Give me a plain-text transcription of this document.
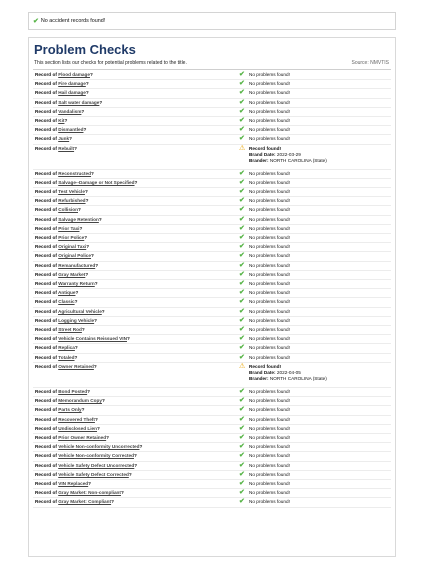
✔ No accident records found!
Problem Checks
This section lists our checks for potential problems related to the title.	Source: NMVTIS
Record of Flood damage?	✔ No problems found!
Record of Fire damage?	✔ No problems found!
Record of Hail damage?	✔ No problems found!
Record of Salt water damage?	✔ No problems found!
Record of Vandalism?	✔ No problems found!
Record of Kit?	✔ No problems found!
Record of Dismantled?	✔ No problems found!
Record of Junk?	✔ No problems found!
Record of Rebuilt?	⚠ Record found!
Brand Date: 2022-03-29
Brander: NORTH CAROLINA (State)
Record of Reconstructed?	✔ No problems found!
Record of Salvage--Damage or Not Specified?	✔ No problems found!
Record of Test Vehicle?	✔ No problems found!
Record of Refurbished?	✔ No problems found!
Record of Collision?	✔ No problems found!
Record of Salvage Retention?	✔ No problems found!
Record of Prior Taxi?	✔ No problems found!
Record of Prior Police?	✔ No problems found!
Record of Original Taxi?	✔ No problems found!
Record of Original Police?	✔ No problems found!
Record of Remanufactured?	✔ No problems found!
Record of Gray Market?	✔ No problems found!
Record of Warranty Return?	✔ No problems found!
Record of Antique?	✔ No problems found!
Record of Classic?	✔ No problems found!
Record of Agricultural Vehicle?	✔ No problems found!
Record of Logging Vehicle?	✔ No problems found!
Record of Street Rod?	✔ No problems found!
Record of Vehicle Contains Reissued VIN?	✔ No problems found!
Record of Replica?	✔ No problems found!
Record of Totaled?	✔ No problems found!
Record of Owner Retained?	⚠ Record found!
Brand Date: 2022-04-05
Brander: NORTH CAROLINA (State)
Record of Bond Posted?	✔ No problems found!
Record of Memorandum Copy?	✔ No problems found!
Record of Parts Only?	✔ No problems found!
Record of Recovered Theft?	✔ No problems found!
Record of Undisclosed Lien?	✔ No problems found!
Record of Prior Owner Retained?	✔ No problems found!
Record of Vehicle Non-conformity Uncorrected?	✔ No problems found!
Record of Vehicle Non-conformity Corrected?	✔ No problems found!
Record of Vehicle Safety Defect Uncorrected?	✔ No problems found!
Record of Vehicle Safety Defect Corrected?	✔ No problems found!
Record of VIN Replaced?	✔ No problems found!
Record of Gray Market: Non-compliant?	✔ No problems found!
Record of Gray Market: Compliant?	✔ No problems found!
